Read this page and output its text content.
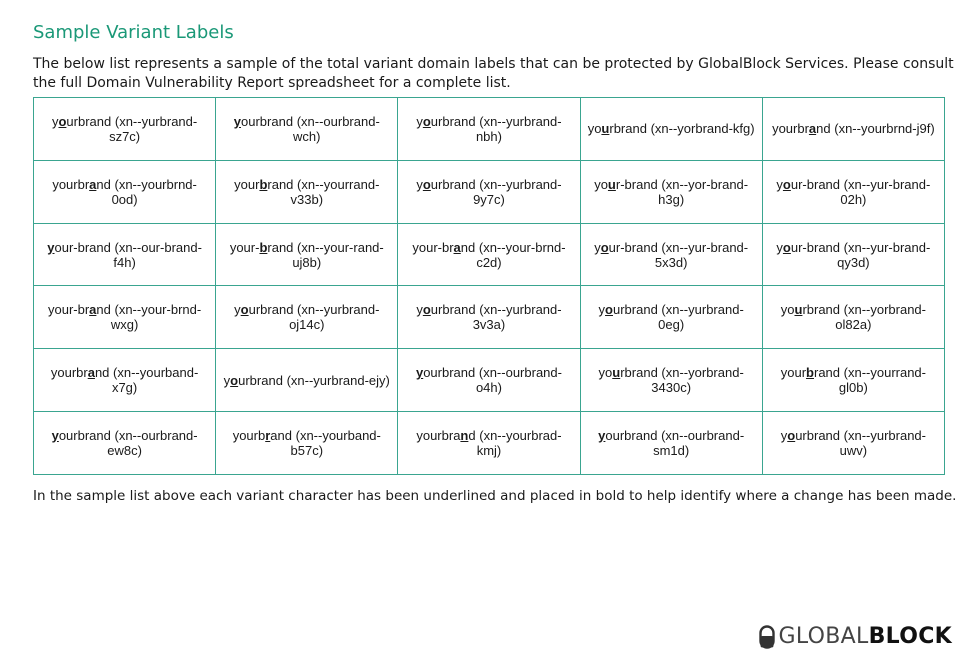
Sample Variant Labels

The below list represents a sample of the total variant domain labels that can be protected by GlobalBlock Services. Please consult the full Domain Vulnerability Report spreadsheet for a complete list.

yourbrand (xn--yurbrand-sz7c)	yourbrand (xn--ourbrand-wch)	yourbrand (xn--yurbrand-nbh)	yourbrand (xn--yorbrand-kfg)	yourbrand (xn--yourbrnd-j9f)
yourbrand (xn--yourbrnd-0od)	yourbrand (xn--yourrand-v33b)	yourbrand (xn--yurbrand-9y7c)	your-brand (xn--yor-brand-h3g)	your-brand (xn--yur-brand-02h)
your-brand (xn--our-brand-f4h)	your-brand (xn--your-rand-uj8b)	your-brand (xn--your-brnd-c2d)	your-brand (xn--yur-brand-5x3d)	your-brand (xn--yur-brand-qy3d)
your-brand (xn--your-brnd-wxg)	yourbrand (xn--yurbrand-oj14c)	yourbrand (xn--yurbrand-3v3a)	yourbrand (xn--yurbrand-0eg)	yourbrand (xn--yorbrand-ol82a)
yourbrand (xn--yourband-x7g)	yourbrand (xn--yurbrand-ejy)	yourbrand (xn--ourbrand-o4h)	yourbrand (xn--yorbrand-3430c)	yourbrand (xn--yourrand-gl0b)
yourbrand (xn--ourbrand-ew8c)	yourbrand (xn--yourband-b57c)	yourbrand (xn--yourbrad-kmj)	yourbrand (xn--ourbrand-sm1d)	yourbrand (xn--yurbrand-uwv)

In the sample list above each variant character has been underlined and placed in bold to help identify where a change has been made.

GLOBAL BLOCK
